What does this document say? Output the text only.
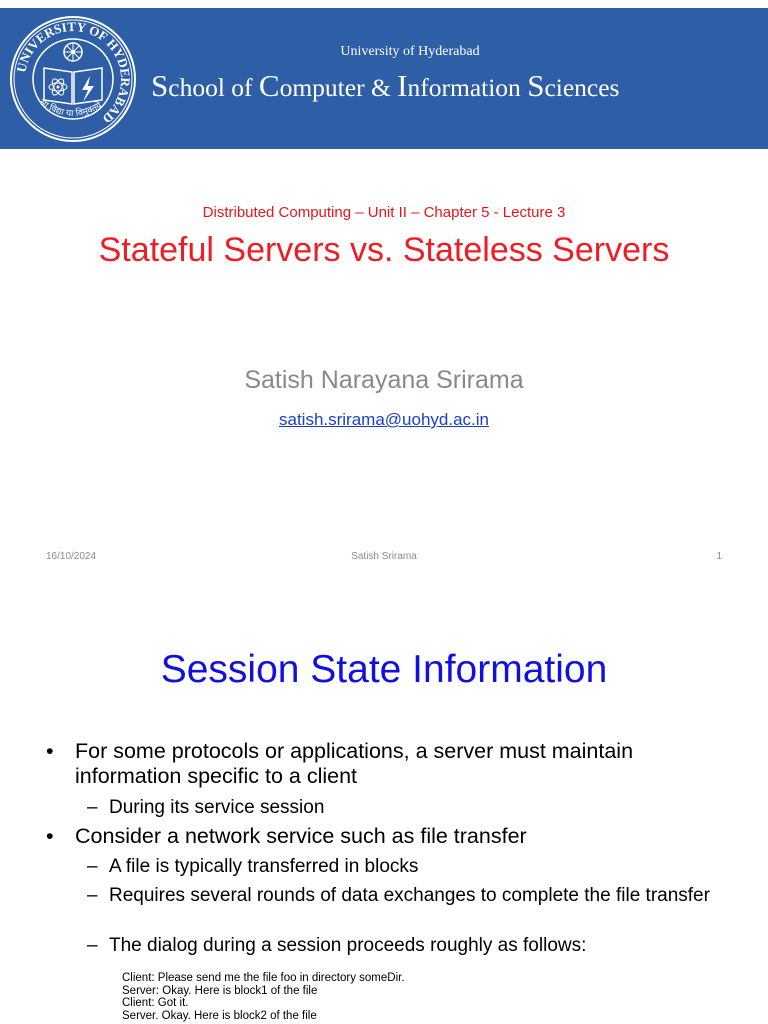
UNIVERSITY OF HYDERABAD
सा विद्या या विमुक्तये
University of Hyderabad
School of Computer & Information Sciences
Distributed Computing – Unit II – Chapter 5 - Lecture 3
Stateful Servers vs. Stateless Servers
Satish Narayana Srirama
satish.srirama@uohyd.ac.in
16/10/2024	Satish Srirama	1
Session State Information
• For some protocols or applications, a server must maintain information specific to a client
– During its service session
• Consider a network service such as file transfer
– A file is typically transferred in blocks
– Requires several rounds of data exchanges to complete the file transfer
– The dialog during a session proceeds roughly as follows:
Client: Please send me the file foo in directory someDir.
Server: Okay. Here is block1 of the file
Client: Got it.
Server. Okay. Here is block2 of the file
